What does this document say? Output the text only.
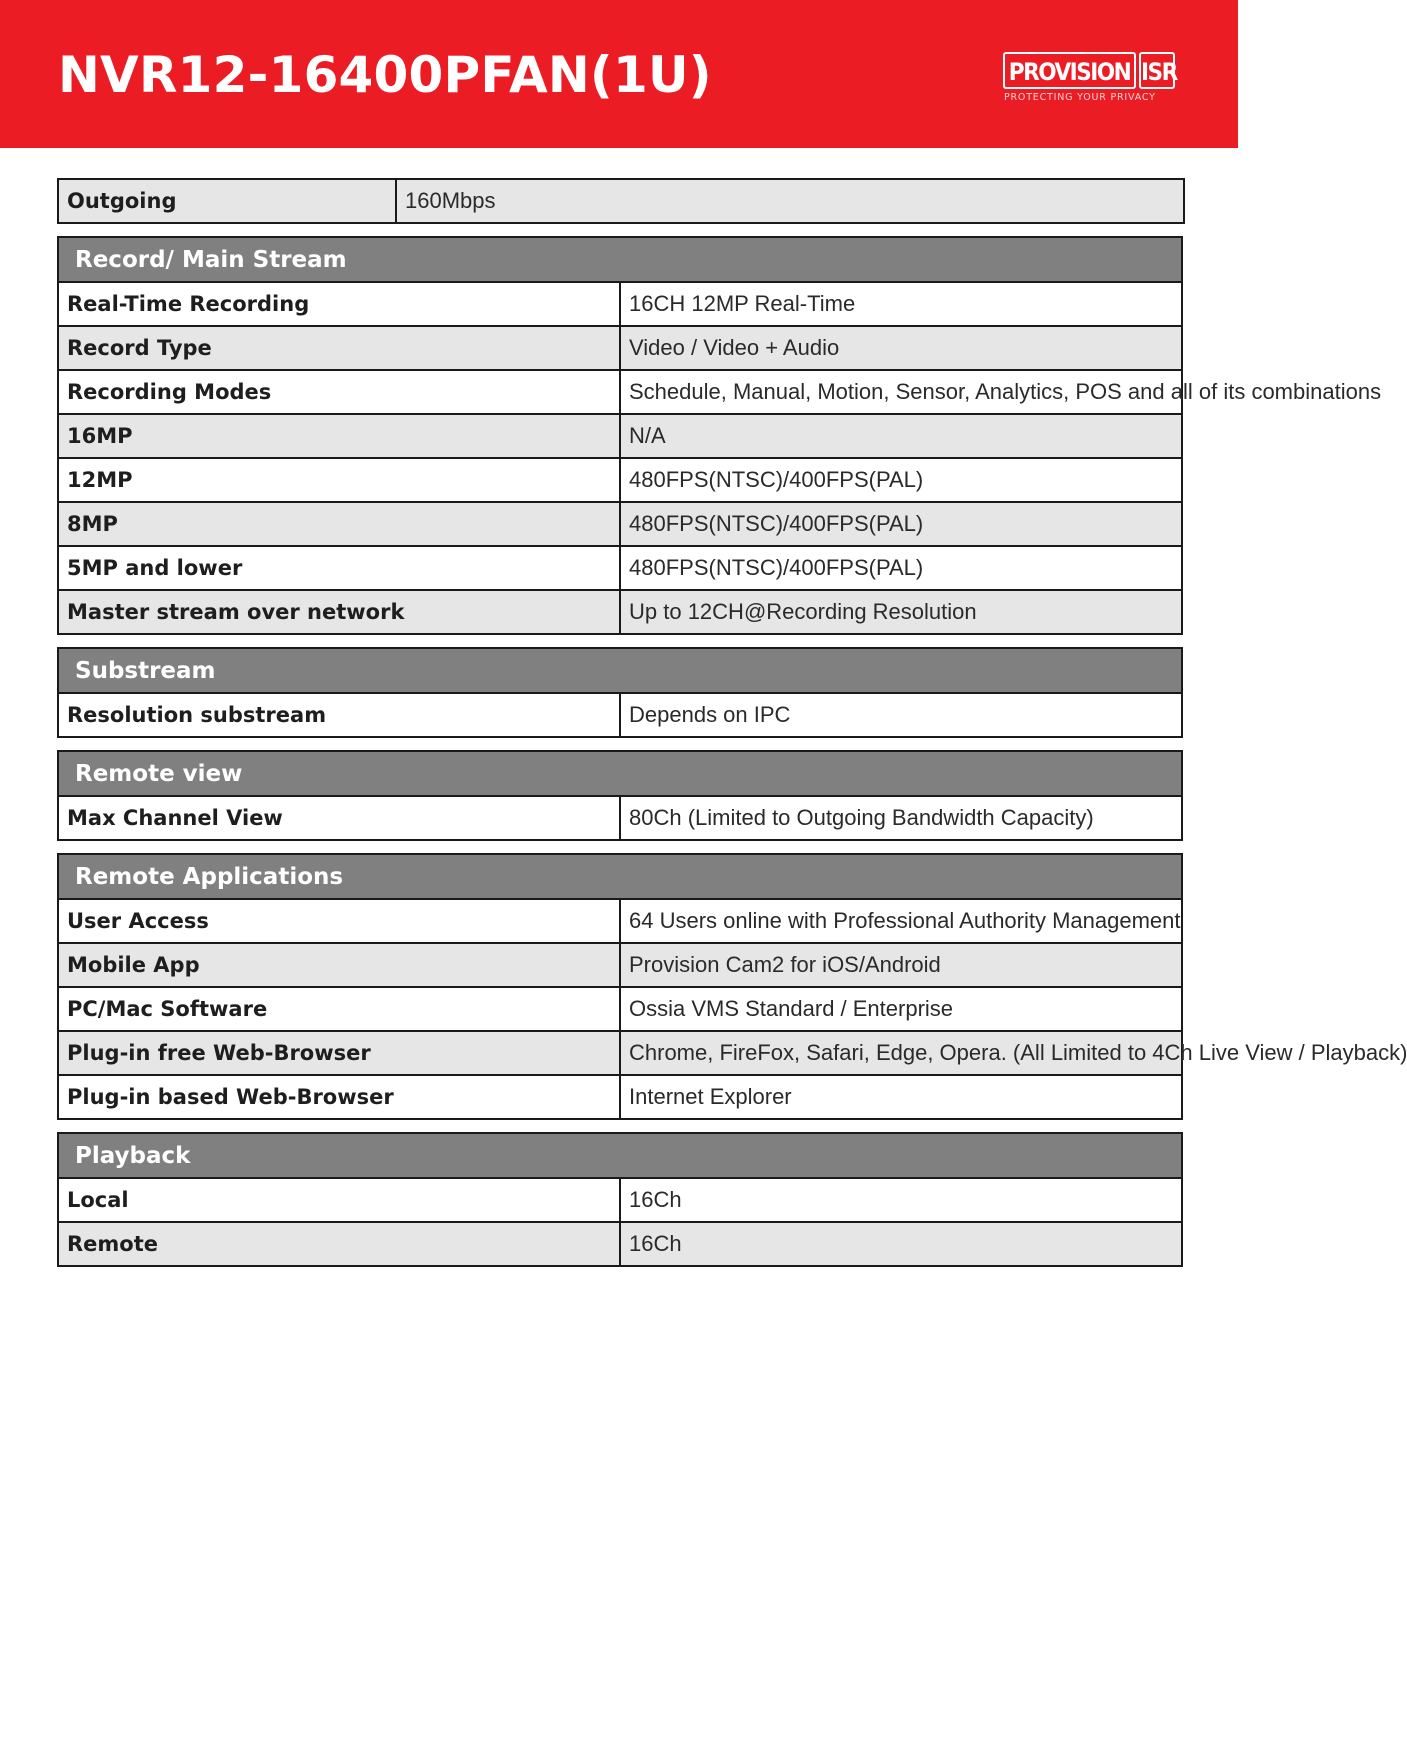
NVR12-16400PFAN(1U)	PROVISION ISR
PROTECTING YOUR PRIVACY
Outgoing	160Mbps
Record/ Main Stream	
Real-Time Recording	16CH 12MP Real-Time
Record Type	Video / Video + Audio
Recording Modes	Schedule, Manual, Motion, Sensor, Analytics, POS and all of its combinations
16MP	N/A
12MP	480FPS(NTSC)/400FPS(PAL)
8MP	480FPS(NTSC)/400FPS(PAL)
5MP and lower	480FPS(NTSC)/400FPS(PAL)
Master stream over network	Up to 12CH@Recording Resolution
Substream
Resolution substream	Depends on IPC
Remote view
Max Channel View	80Ch (Limited to Outgoing Bandwidth Capacity)
Remote Applications	
User Access	64 Users online with Professional Authority Management
Mobile App	Provision Cam2 for iOS/Android
PC/Mac Software	Ossia VMS Standard / Enterprise
Plug-in free Web-Browser	Chrome, FireFox, Safari, Edge, Opera. (All Limited to 4Ch Live View / Playback)
Plug-in based Web-Browser	Internet Explorer
Playback	
Local	16Ch
Remote	16Ch
